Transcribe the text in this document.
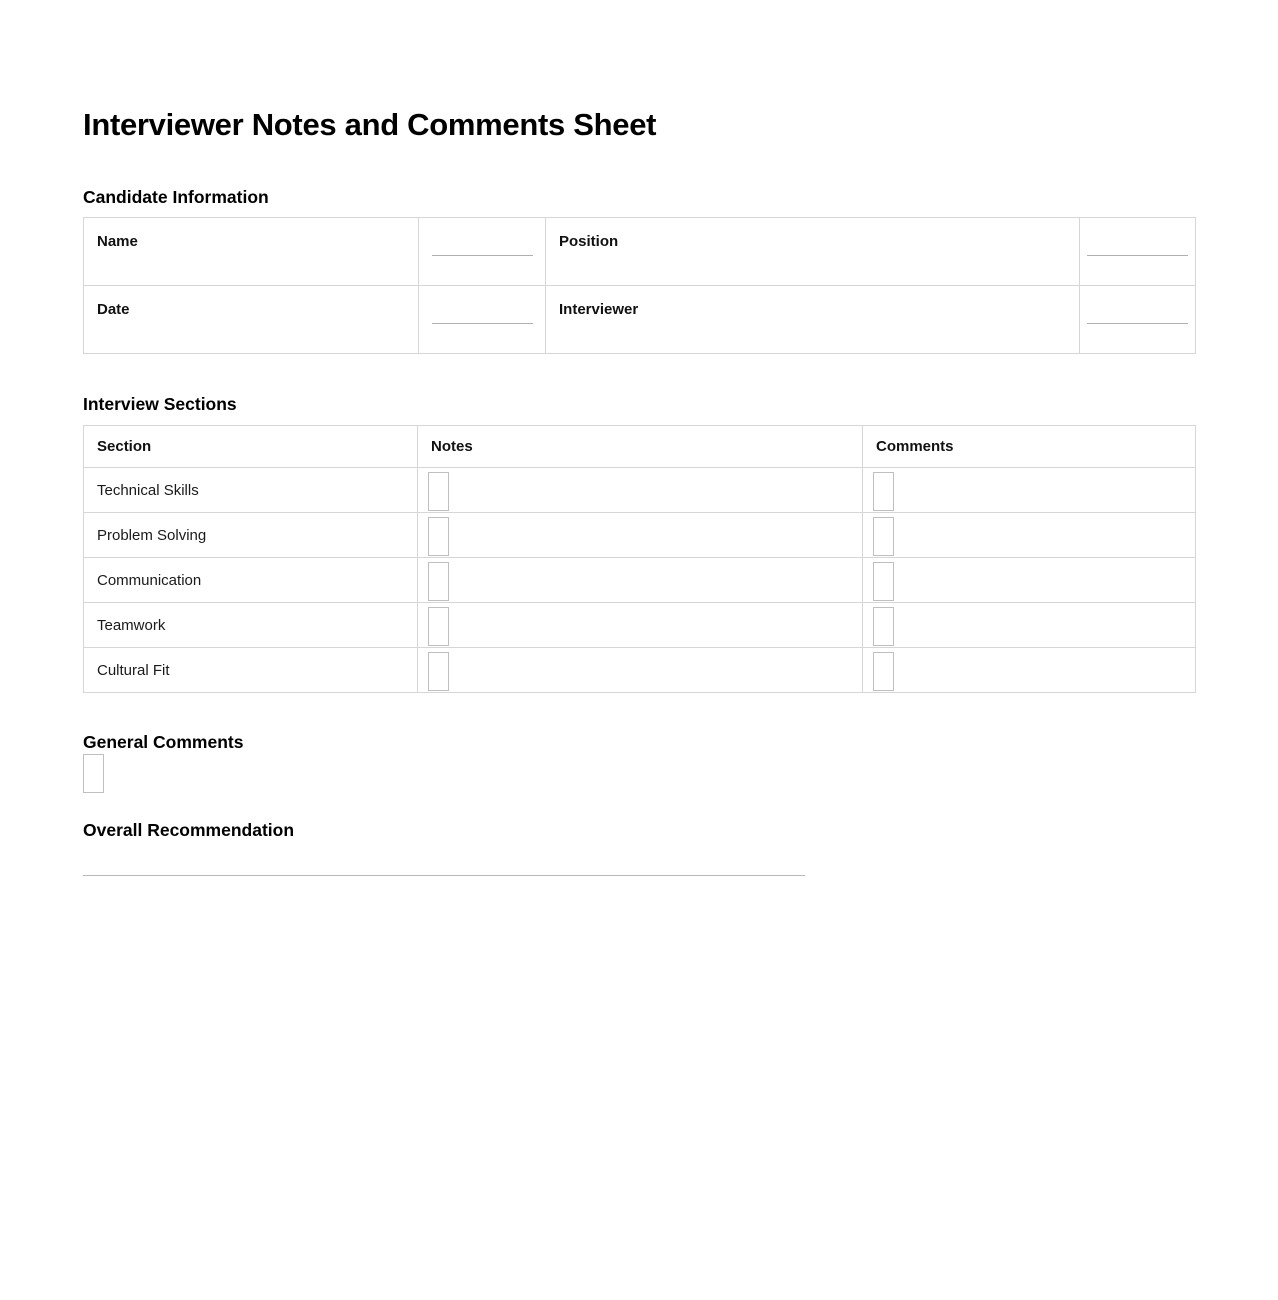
Interviewer Notes and Comments Sheet
Candidate Information
Name		Position	

Date		Interviewer	
Interview Sections
Section	Notes	Comments
Technical Skills	

Problem Solving	

Communication	

Teamwork	

Cultural Fit	

General Comments
Overall Recommendation
